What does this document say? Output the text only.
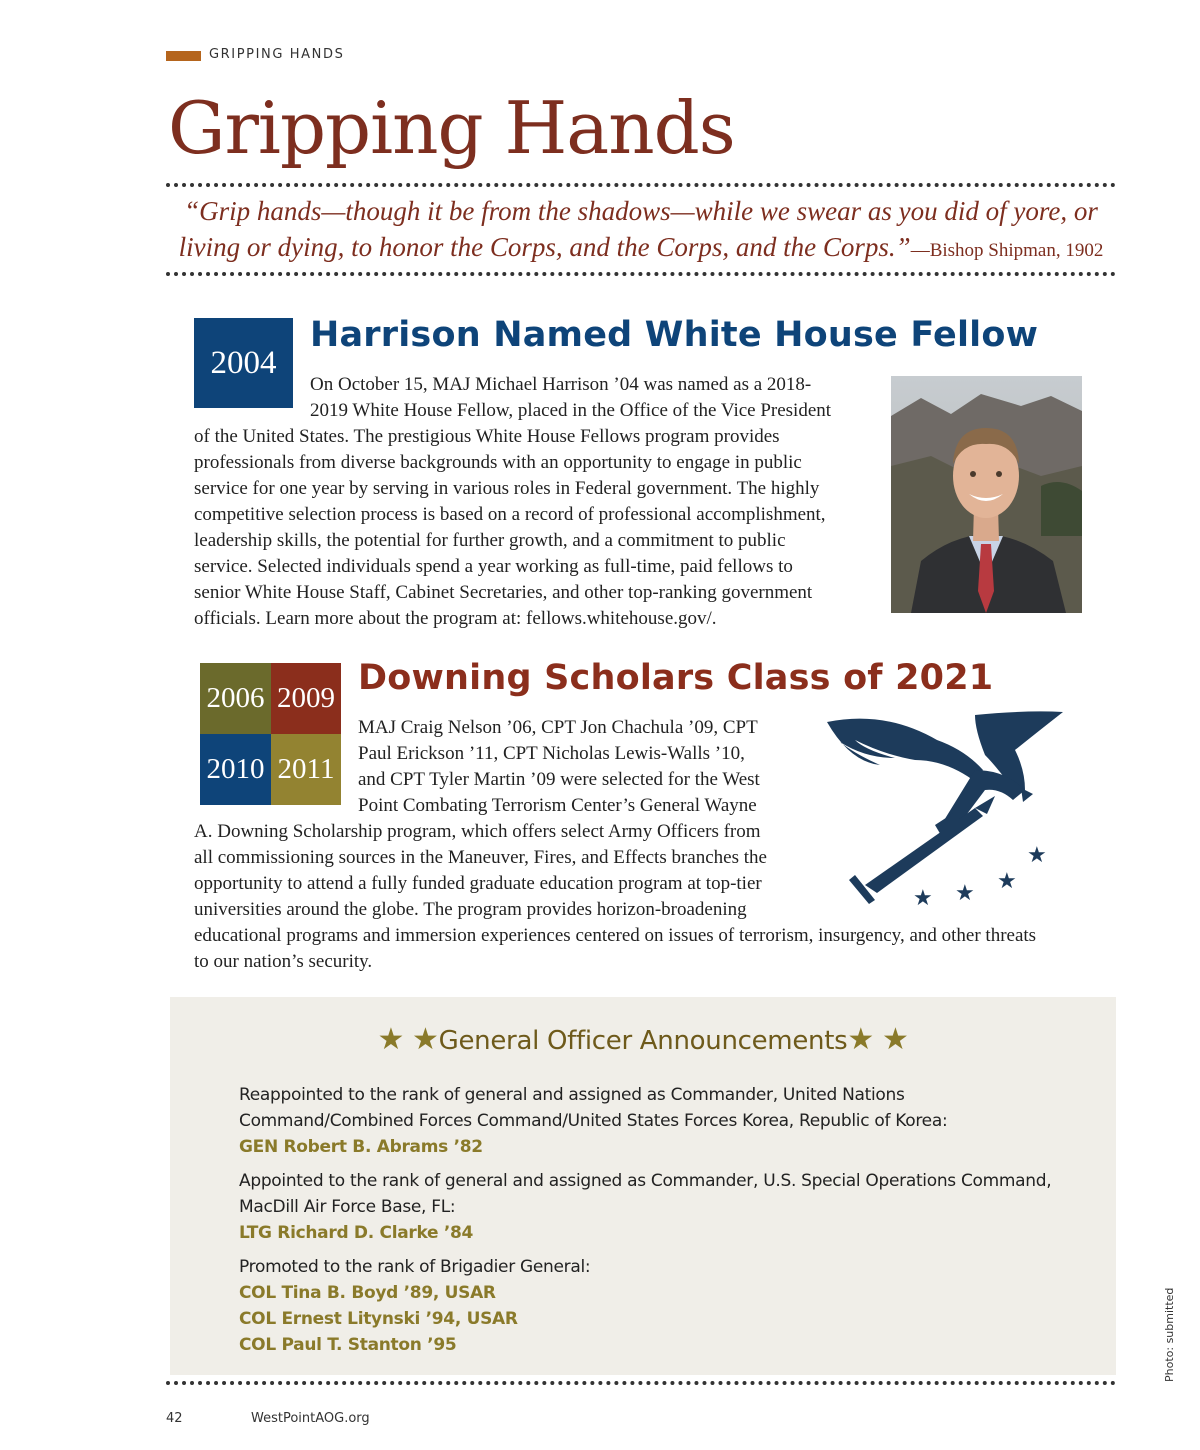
GRIPPING HANDS
Gripping Hands
“Grip hands—though it be from the shadows—while we swear as you did of yore, or
living or dying, to honor the Corps, and the Corps, and the Corps.”—Bishop Shipman, 1902
2004
Harrison Named White House Fellow
On October 15, MAJ Michael Harrison ’04 was named as a 2018-
2019 White House Fellow, placed in the Office of the Vice President
of the United States. The prestigious White House Fellows program provides
professionals from diverse backgrounds with an opportunity to engage in public
service for one year by serving in various roles in Federal government. The highly
competitive selection process is based on a record of professional accomplishment,
leadership skills, the potential for further growth, and a commitment to public
service. Selected individuals spend a year working as full-time, paid fellows to
senior White House Staff, Cabinet Secretaries, and other top-ranking government
officials. Learn more about the program at: fellows.whitehouse.gov/.
2006 2009
2010 2011
Downing Scholars Class of 2021
MAJ Craig Nelson ’06, CPT Jon Chachula ’09, CPT
Paul Erickson ’11, CPT Nicholas Lewis-Walls ’10,
and CPT Tyler Martin ’09 were selected for the West
Point Combating Terrorism Center’s General Wayne
A. Downing Scholarship program, which offers select Army Officers from
all commissioning sources in the Maneuver, Fires, and Effects branches the
opportunity to attend a fully funded graduate education program at top-tier
universities around the globe. The program provides horizon-broadening
educational programs and immersion experiences centered on issues of terrorism, insurgency, and other threats
to our nation’s security.
★ ★ ★
★
★ ★General Officer Announcements★ ★
Reappointed to the rank of general and assigned as Commander, United Nations Command/Combined Forces Command/United States Forces Korea, Republic of Korea:
GEN Robert B. Abrams ’82
Appointed to the rank of general and assigned as Commander, U.S. Special Operations Command, MacDill Air Force Base, FL:
LTG Richard D. Clarke ’84
Promoted to the rank of Brigadier General:
COL Tina B. Boyd ’89, USAR
COL Ernest Litynski ’94, USAR
COL Paul T. Stanton ’95
42	WestPointAOG.org
Photo: submitted
